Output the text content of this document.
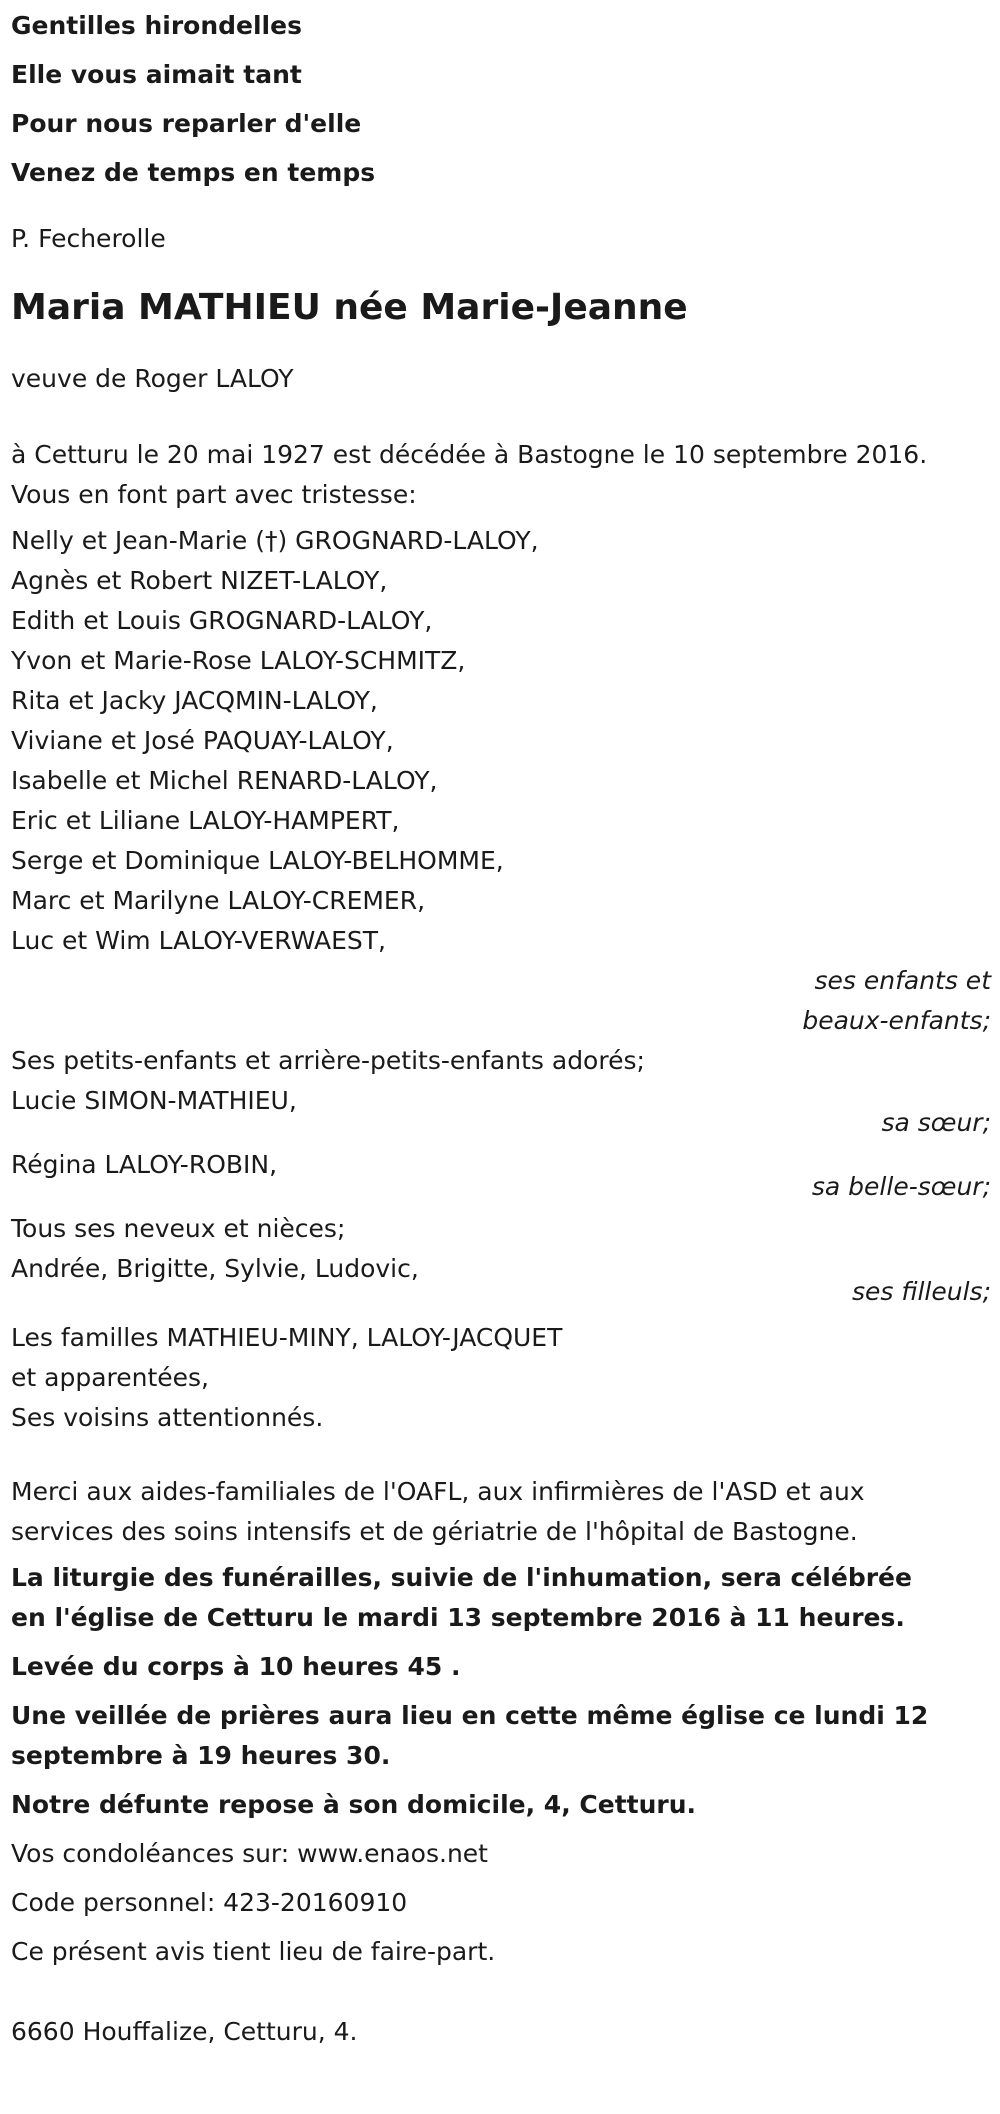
Gentilles hirondelles
Elle vous aimait tant
Pour nous reparler d'elle
Venez de temps en temps
P. Fecherolle
Maria MATHIEU née Marie-Jeanne
veuve de Roger LALOY
à Cetturu le 20 mai 1927 est décédée à Bastogne le 10 septembre 2016.
Vous en font part avec tristesse:
Nelly et Jean-Marie (†) GROGNARD-LALOY,
Agnès et Robert NIZET-LALOY,
Edith et Louis GROGNARD-LALOY,
Yvon et Marie-Rose LALOY-SCHMITZ,
Rita et Jacky JACQMIN-LALOY,
Viviane et José PAQUAY-LALOY,
Isabelle et Michel RENARD-LALOY,
Eric et Liliane LALOY-HAMPERT,
Serge et Dominique LALOY-BELHOMME,
Marc et Marilyne LALOY-CREMER,
Luc et Wim LALOY-VERWAEST,
ses enfants et
beaux-enfants;
Ses petits-enfants et arrière-petits-enfants adorés;
Lucie SIMON-MATHIEU,
sa sœur;
Régina LALOY-ROBIN,
sa belle-sœur;
Tous ses neveux et nièces;
Andrée, Brigitte, Sylvie, Ludovic,
ses filleuls;
Les familles MATHIEU-MINY, LALOY-JACQUET
et apparentées,
Ses voisins attentionnés.
Merci aux aides-familiales de l'OAFL, aux infirmières de l'ASD et aux services des soins intensifs et de gériatrie de l'hôpital de Bastogne.
La liturgie des funérailles, suivie de l'inhumation, sera célébrée en l'église de Cetturu le mardi 13 septembre 2016 à 11 heures.
Levée du corps à 10 heures 45 .
Une veillée de prières aura lieu en cette même église ce lundi 12 septembre à 19 heures 30.
Notre défunte repose à son domicile, 4, Cetturu.
Vos condoléances sur: www.enaos.net
Code personnel: 423-20160910
Ce présent avis tient lieu de faire-part.
6660 Houffalize, Cetturu, 4.
